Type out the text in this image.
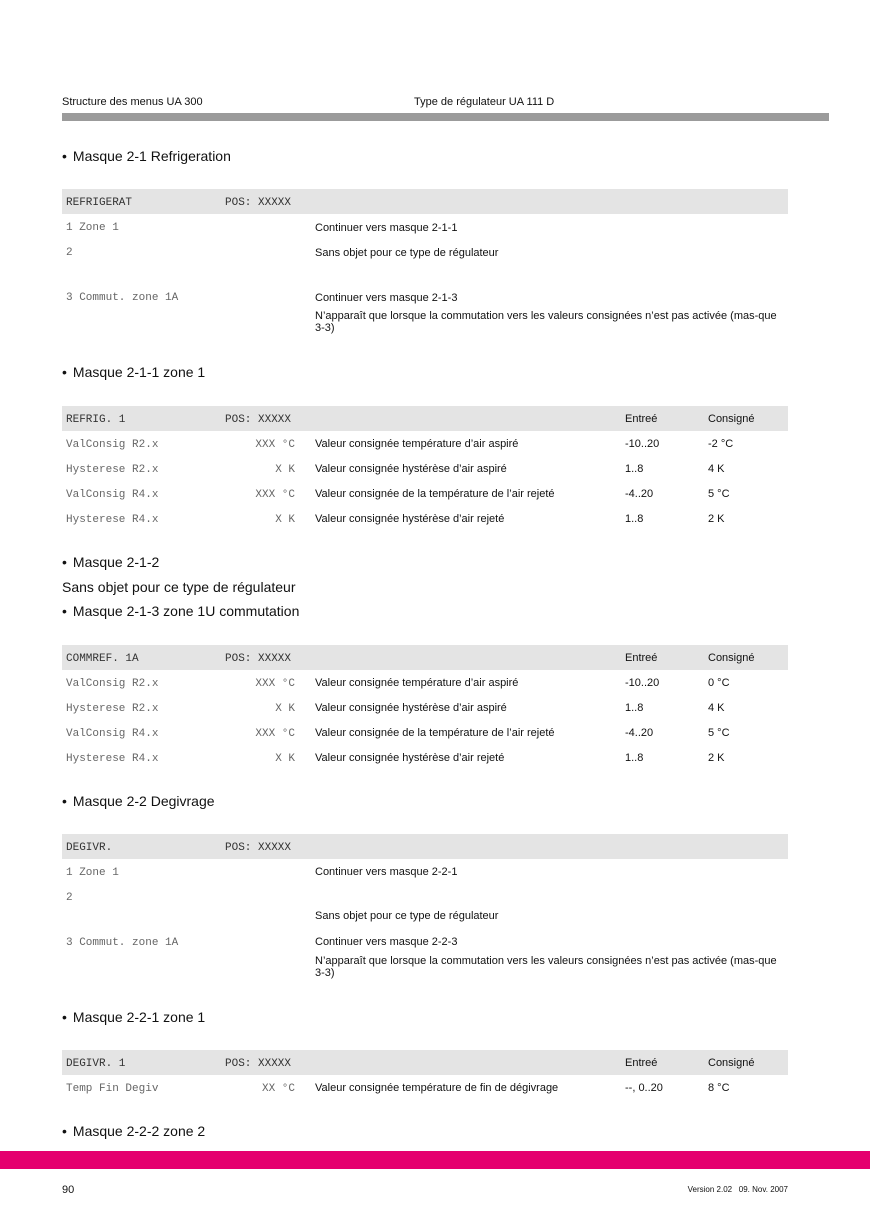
Structure des menus UA 300	Type de régulateur UA 111 D
• Masque 2-1 Refrigeration
REFRIGERAT	POS: XXXXX
1 Zone 1	Continuer vers masque 2-1-1
2	Sans objet pour ce type de régulateur
3 Commut. zone 1A	Continuer vers masque 2-1-3
N’apparaît que lorsque la commutation vers les valeurs consignées n’est pas activée (mas-que 3-3)
• Masque 2-1-1 zone 1
REFRIG. 1	POS: XXXXX	Entreé	Consigné
ValConsig R2.x	XXX °C Valeur consignée température d’air aspiré	-10..20	-2 °C
Hysterese R2.x	X K Valeur consignée hystérèse d’air aspiré	1..8	4 K
ValConsig R4.x	XXX °C Valeur consignée de la température de l’air rejeté	-4..20	5 °C
Hysterese R4.x	X K Valeur consignée hystérèse d’air rejeté	1..8	2 K
• Masque 2-1-2
Sans objet pour ce type de régulateur
• Masque 2-1-3 zone 1U commutation
COMMREF. 1A	POS: XXXXX	Entreé	Consigné
ValConsig R2.x	XXX °C Valeur consignée température d’air aspiré	-10..20	0 °C
Hysterese R2.x	X K Valeur consignée hystérèse d’air aspiré	1..8	4 K
ValConsig R4.x	XXX °C Valeur consignée de la température de l’air rejeté	-4..20	5 °C
Hysterese R4.x	X K Valeur consignée hystérèse d’air rejeté	1..8	2 K
• Masque 2-2 Degivrage
DEGIVR.	POS: XXXXX
1 Zone 1	Continuer vers masque 2-2-1
2
Sans objet pour ce type de régulateur
3 Commut. zone 1A	Continuer vers masque 2-2-3
N’apparaît que lorsque la commutation vers les valeurs consignées n’est pas activée (mas-que 3-3)
• Masque 2-2-1 zone 1
DEGIVR. 1	POS: XXXXX	Entreé	Consigné
Temp Fin Degiv	XX °C Valeur consignée température de fin de dégivrage	--, 0..20	8 °C
• Masque 2-2-2 zone 2
90	Version 2.02   09. Nov. 2007
